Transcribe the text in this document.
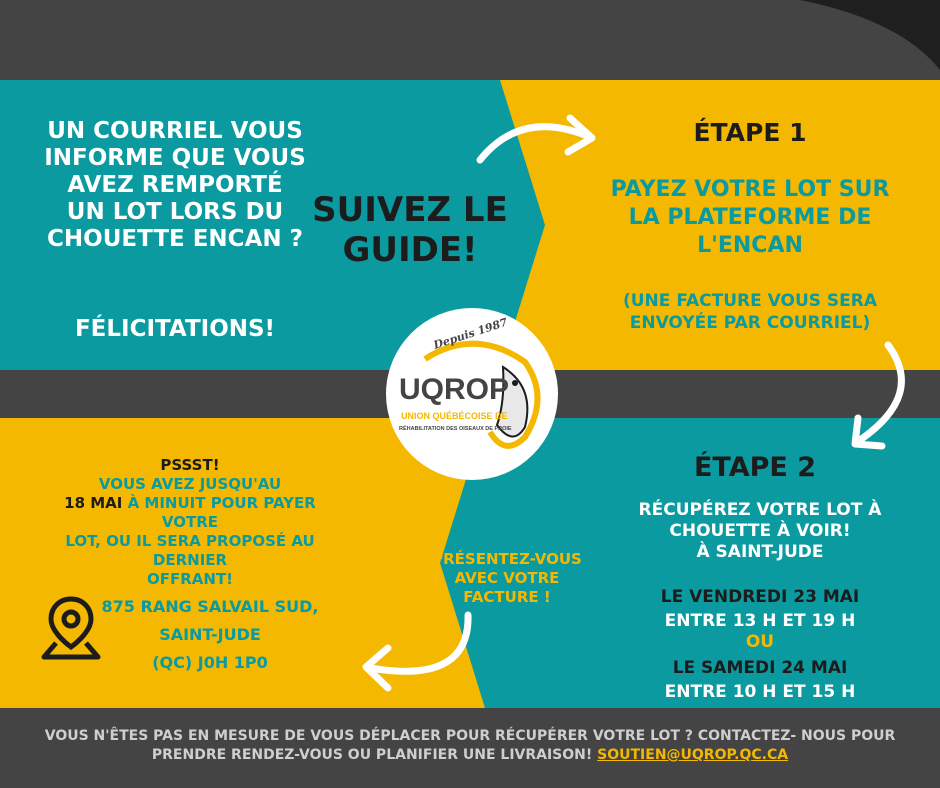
UN COURRIEL VOUS
INFORME QUE VOUS
AVEZ REMPORTÉ
UN LOT LORS DU
CHOUETTE ENCAN ?
FÉLICITATIONS!
SUIVEZ LE
GUIDE!
ÉTAPE 1
PAYEZ VOTRE LOT SUR
LA PLATEFORME DE
L'ENCAN
(UNE FACTURE VOUS SERA
ENVOYÉE PAR COURRIEL)
ÉTAPE 2
RÉCUPÉREZ VOTRE LOT À
CHOUETTE À VOIR!
À SAINT-JUDE
LE VENDREDI 23 MAI
ENTRE 13 H ET 19 H
OU
LE SAMEDI 24 MAI
ENTRE 10 H ET 15 H
PSSST!
VOUS AVEZ JUSQU'AU
18 MAI À MINUIT POUR PAYER VOTRE
LOT, OU IL SERA PROPOSÉ AU DERNIER
OFFRANT!
PRÉSENTEZ-VOUS
AVEC VOTRE
FACTURE !
875 RANG SALVAIL SUD,
SAINT-JUDE
(QC) J0H 1P0
Depuis 1987
UQROP
UNION QUÉBÉCOISE DE
RÉHABILITATION DES OISEAUX DE PROIE
VOUS N'ÊTES PAS EN MESURE DE VOUS DÉPLACER POUR RÉCUPÉRER VOTRE LOT ? CONTACTEZ- NOUS POUR
PRENDRE RENDEZ-VOUS OU PLANIFIER UNE LIVRAISON! SOUTIEN@UQROP.QC.CA
